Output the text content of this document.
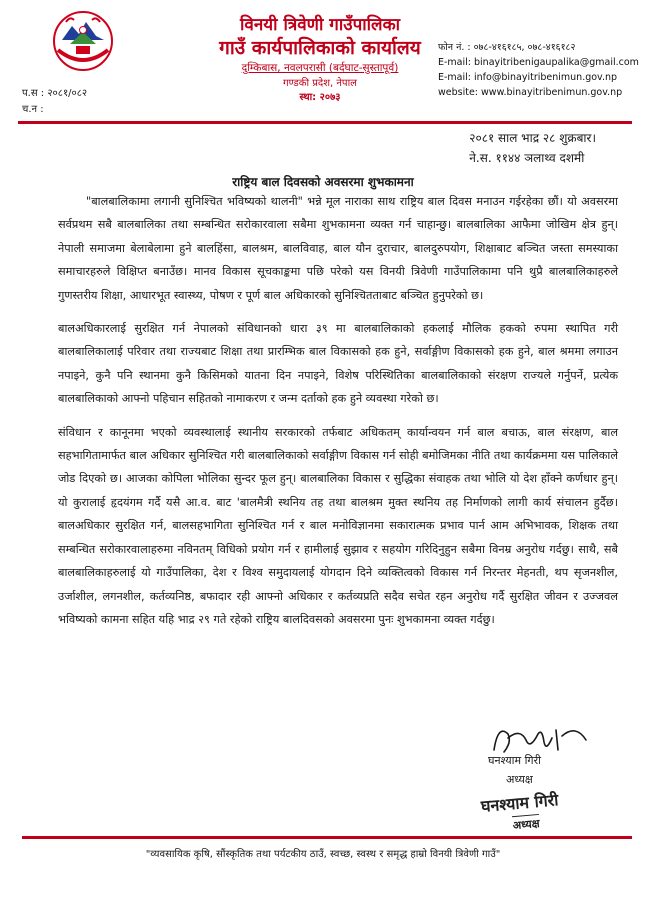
विनयी त्रिवेणी गाउँपालिका
गाउँ कार्यपालिकाको कार्यालय
दुम्किबास, नवलपरासी (बर्दघाट-सुस्तापूर्व)
गण्डकी प्रदेश, नेपाल
स्था: २०७३
प.स : २०८१/०८२
च.न :
फोन नं. : ०७८-४१६१८५, ०७८-४१६१८२
E-mail: binayitribenigaupalika@gmail.com
E-mail: info@binayitribenimun.gov.np
website: www.binayitribenimun.gov.np
२०८१ साल भाद्र २८ शुक्रबार।
ने.स. ११४४ ञलाथ्व दशमी
राष्ट्रिय बाल दिवसको अवसरमा शुभकामना

"बालबालिकामा लगानी सुनिश्चित भविष्यको थालनी" भन्ने मूल नाराका साथ राष्ट्रिय बाल दिवस मनाउन गईरहेका छौं। यो अवसरमा सर्वप्रथम सबै बालबालिका तथा सम्बन्धित सरोकारवाला सबैमा शुभकामना व्यक्त गर्न चाहान्छु। बालबालिका आफैमा जोखिम क्षेत्र हुन्। नेपाली समाजमा बेलाबेलामा हुने बालहिंसा, बालश्रम, बालविवाह, बाल यौन दुराचार, बालदुरुपयोग, शिक्षाबाट बञ्चित जस्ता समस्याका समाचारहरुले विक्षिप्त बनाउँछ। मानव विकास सूचकाङ्कमा पछि परेको यस विनयी त्रिवेणी गाउँपालिकामा पनि थुप्रै बालबालिकाहरुले गुणस्तरीय शिक्षा, आधारभूत स्वास्थ्य, पोषण र पूर्ण बाल अधिकारको सुनिश्चितताबाट बञ्चित हुनुपरेको छ।

बालअधिकारलाई सुरक्षित गर्न नेपालको संविधानको धारा ३९ मा बालबालिकाको हकलाई मौलिक हकको रुपमा स्थापित गरी बालबालिकालाई परिवार तथा राज्यबाट शिक्षा तथा प्रारम्भिक बाल विकासको हक हुने, सर्वाङ्गीण विकासको हक हुने, बाल श्रममा लगाउन नपाइने, कुनै पनि स्थानमा कुनै किसिमको यातना दिन नपाइने, विशेष परिस्थितिका बालबालिकाको संरक्षण राज्यले गर्नुपर्ने, प्रत्येक बालबालिकाको आफ्नो पहिचान सहितको नामाकरण र जन्म दर्ताको हक हुने व्यवस्था गरेको छ।

संविधान र कानूनमा भएको व्यवस्थालाई स्थानीय सरकारको तर्फबाट अधिकतम् कार्यान्वयन गर्न बाल बचाऊ, बाल संरक्षण, बाल सहभागितामार्फत बाल अधिकार सुनिश्चित गरी बालबालिकाको सर्वाङ्गीण विकास गर्न सोही बमोजिमका नीति तथा कार्यक्रममा यस पालिकाले जोड दिएको छ। आजका कोपिला भोलिका सुन्दर फूल हुन्। बालबालिका विकास र सुद्धिका संवाहक तथा भोलि यो देश हाँक्ने कर्णधार हुन्। यो कुरालाई हृदयंगम गर्दै यसै आ.व. बाट 'बालमैत्री स्थनिय तह तथा बालश्रम मुक्त स्थनिय तह निर्माणको लागी कार्य संचालन हुर्दैछ। बालअधिकार सुरक्षित गर्न, बालसहभागिता सुनिश्चित गर्न र बाल मनोविज्ञानमा सकारात्मक प्रभाव पार्न आम अभिभावक, शिक्षक तथा सम्बन्धित सरोकारवालाहरुमा नविनतम् विधिको प्रयोग गर्न र हामीलाई सुझाव र सहयोग गरिदिनुहुन सबैमा विनम्र अनुरोध गर्दछु। साथै, सबै बालबालिकाहरुलाई यो गाउँपालिका, देश र विश्व समुदायलाई योगदान दिने व्यक्तित्वको विकास गर्न निरन्तर मेहनती, थप सृजनशील, उर्जाशील, लगनशील, कर्तव्यनिष्ठ, बफादार रही आफ्नो अधिकार र कर्तव्यप्रति सदैव सचेत रहन अनुरोध गर्दै सुरक्षित जीवन र उज्जवल भविष्यको कामना सहित यहि भाद्र २९ गते रहेको राष्ट्रिय बालदिवसको अवसरमा पुनः शुभकामना व्यक्त गर्दछु।

घनश्याम गिरी
अध्यक्ष
घनश्याम गिरी
अध्यक्ष
"व्यवसायिक कृषि, सौंस्कृतिक तथा पर्यटकीय ठाउँ, स्वच्छ, स्वस्थ र समृद्ध हाम्रो विनयी त्रिवेणी गाउँ"
